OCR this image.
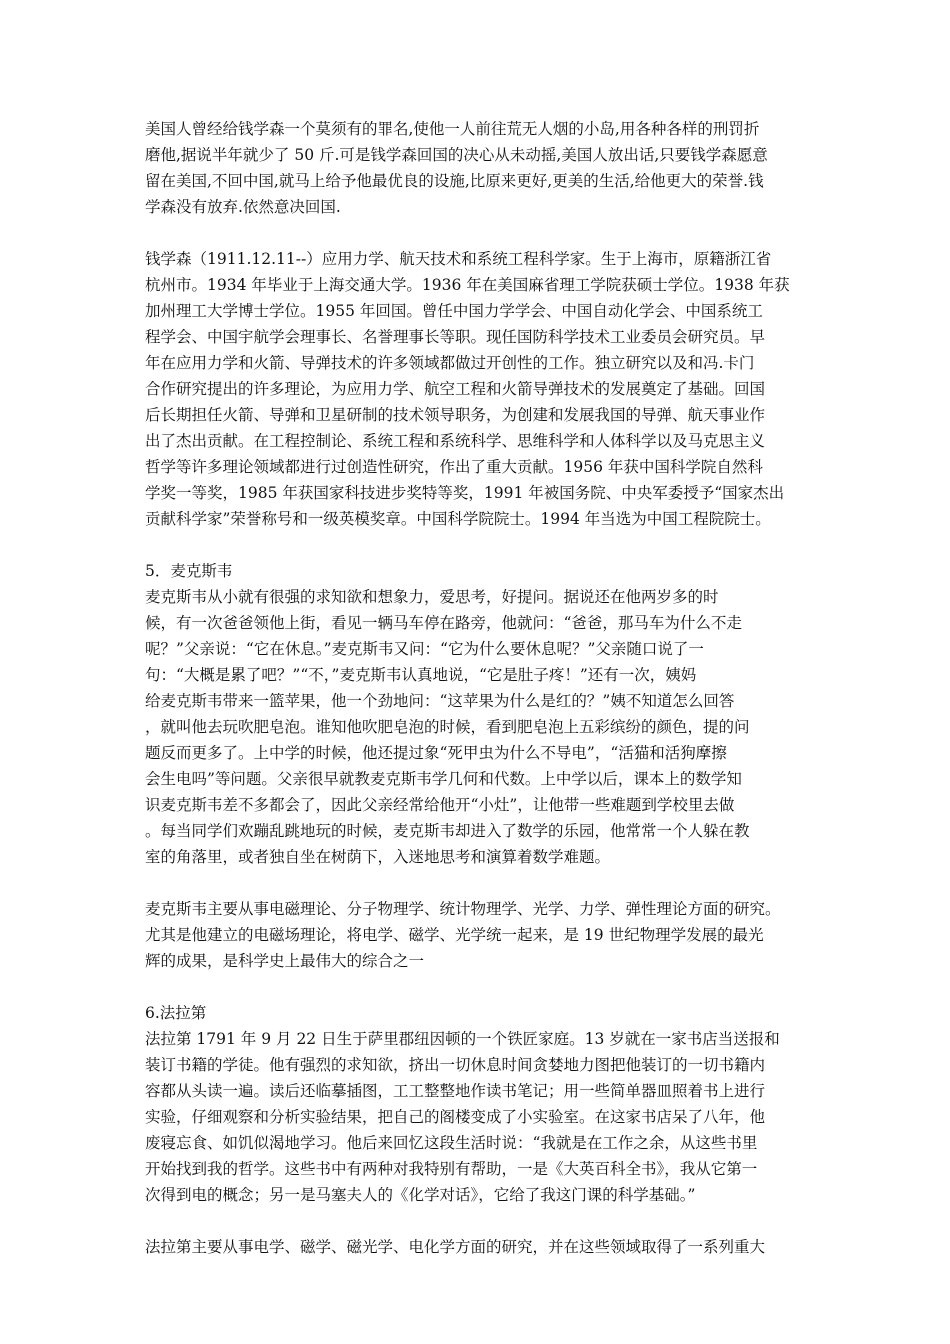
美国人曾经给钱学森一个莫须有的罪名,使他一人前往荒无人烟的小岛,用各种各样的刑罚折
磨他,据说半年就少了 50 斤.可是钱学森回国的决心从未动摇,美国人放出话,只要钱学森愿意
留在美国,不回中国,就马上给予他最优良的设施,比原来更好,更美的生活,给他更大的荣誉.钱
学森没有放弃.依然意决回国.

钱学森（1911.12.11--）应用力学、航天技术和系统工程科学家。生于上海市，原籍浙江省
杭州市。1934 年毕业于上海交通大学。1936 年在美国麻省理工学院获硕士学位。1938 年获
加州理工大学博士学位。1955 年回国。曾任中国力学学会、中国自动化学会、中国系统工
程学会、中国宇航学会理事长、名誉理事长等职。现任国防科学技术工业委员会研究员。早
年在应用力学和火箭、导弹技术的许多领域都做过开创性的工作。独立研究以及和冯.卡门
合作研究提出的许多理论，为应用力学、航空工程和火箭导弹技术的发展奠定了基础。回国
后长期担任火箭、导弹和卫星研制的技术领导职务，为创建和发展我国的导弹、航天事业作
出了杰出贡献。在工程控制论、系统工程和系统科学、思维科学和人体科学以及马克思主义
哲学等许多理论领域都进行过创造性研究，作出了重大贡献。1956 年获中国科学院自然科
学奖一等奖，1985 年获国家科技进步奖特等奖，1991 年被国务院、中央军委授予“国家杰出
贡献科学家”荣誉称号和一级英模奖章。中国科学院院士。1994 年当选为中国工程院院士。

5．麦克斯韦

麦克斯韦从小就有很强的求知欲和想象力，爱思考，好提问。据说还在他两岁多的时
候，有一次爸爸领他上街，看见一辆马车停在路旁，他就问：“爸爸，那马车为什么不走
呢？”父亲说：“它在休息。”麦克斯韦又问：“它为什么要休息呢？”父亲随口说了一
句：“大概是累了吧？”“不，”麦克斯韦认真地说，“它是肚子疼！”还有一次，姨妈
给麦克斯韦带来一篮苹果，他一个劲地问：“这苹果为什么是红的？”姨不知道怎么回答
，就叫他去玩吹肥皂泡。谁知他吹肥皂泡的时候，看到肥皂泡上五彩缤纷的颜色，提的问
题反而更多了。上中学的时候，他还提过象“死甲虫为什么不导电”，“活猫和活狗摩擦
会生电吗”等问题。父亲很早就教麦克斯韦学几何和代数。上中学以后，课本上的数学知
识麦克斯韦差不多都会了，因此父亲经常给他开“小灶”，让他带一些难题到学校里去做
。每当同学们欢蹦乱跳地玩的时候，麦克斯韦却进入了数学的乐园，他常常一个人躲在教
室的角落里，或者独自坐在树荫下，入迷地思考和演算着数学难题。

麦克斯韦主要从事电磁理论、分子物理学、统计物理学、光学、力学、弹性理论方面的研究。
尤其是他建立的电磁场理论，将电学、磁学、光学统一起来，是 19 世纪物理学发展的最光
辉的成果，是科学史上最伟大的综合之一

6.法拉第

法拉第 1791 年 9 月 22 日生于萨里郡纽因顿的一个铁匠家庭。13 岁就在一家书店当送报和
装订书籍的学徒。他有强烈的求知欲，挤出一切休息时间贪婪地力图把他装订的一切书籍内
容都从头读一遍。读后还临摹插图，工工整整地作读书笔记；用一些简单器皿照着书上进行
实验，仔细观察和分析实验结果，把自己的阁楼变成了小实验室。在这家书店呆了八年，他
废寝忘食、如饥似渴地学习。他后来回忆这段生活时说：“我就是在工作之余，从这些书里
开始找到我的哲学。这些书中有两种对我特别有帮助，一是《大英百科全书》，我从它第一
次得到电的概念；另一是马塞夫人的《化学对话》，它给了我这门课的科学基础。”

法拉第主要从事电学、磁学、磁光学、电化学方面的研究，并在这些领域取得了一系列重大
